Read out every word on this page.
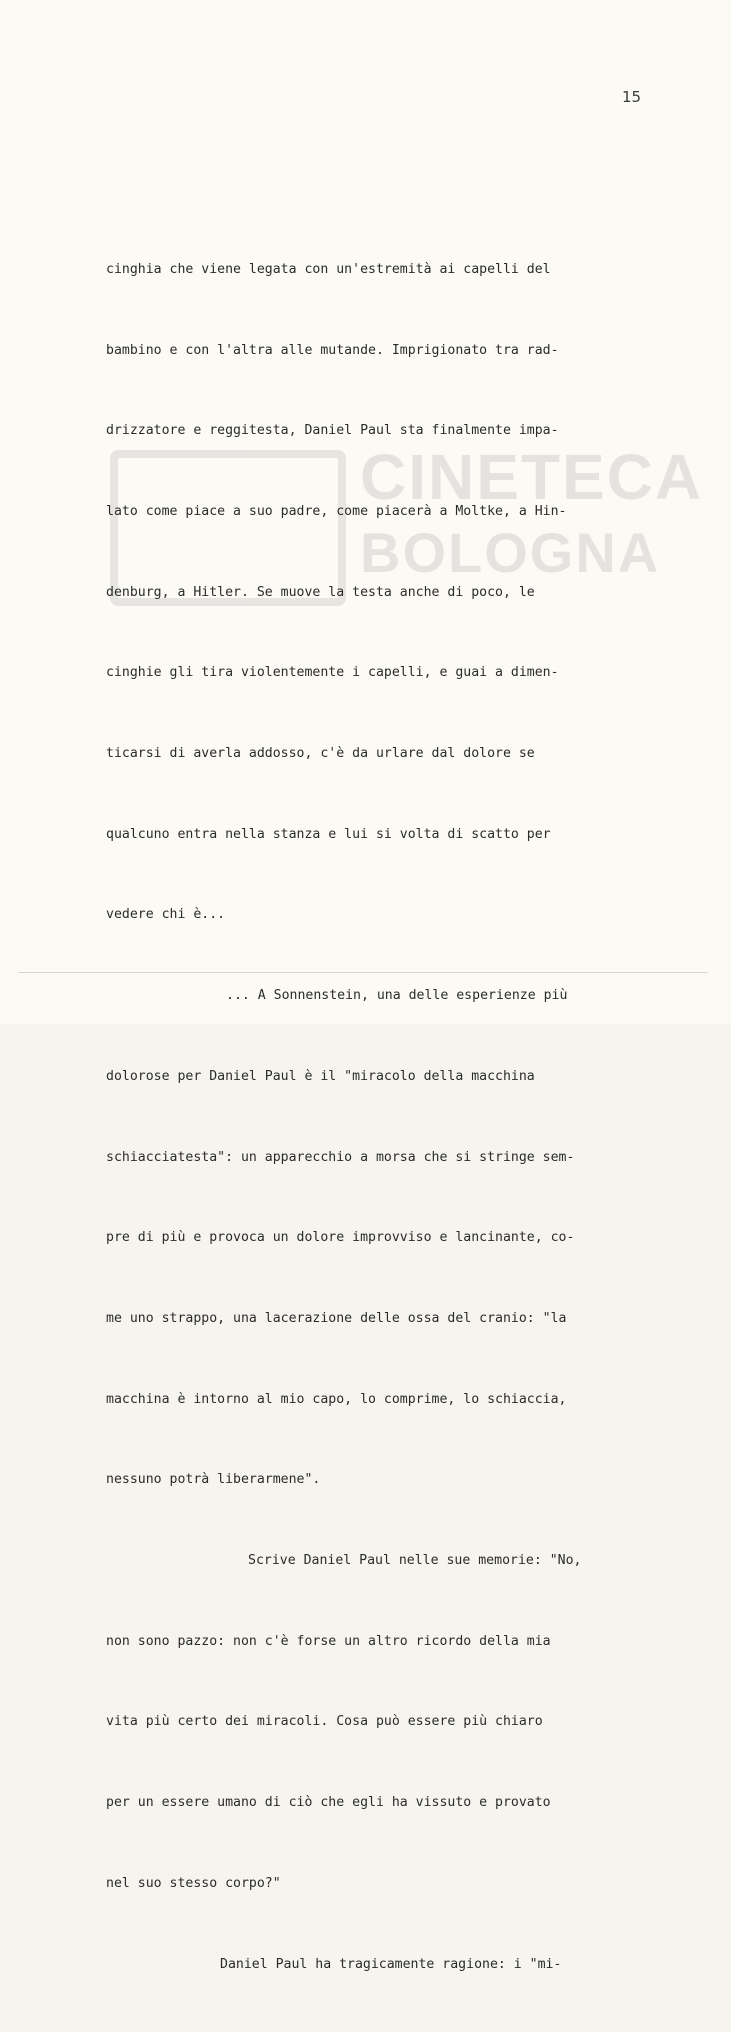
CINETECA
BOLOGNA
15

cinghia che viene legata con un'estremità ai capelli del

bambino e con l'altra alle mutande. Imprigionato tra rad-

drizzatore e reggitesta, Daniel Paul sta finalmente impa-

lato come piace a suo padre, come piacerà a Moltke, a Hin-

denburg, a Hitler. Se muove la testa anche di poco, le

cinghie gli tira violentemente i capelli, e guai a dimen-

ticarsi di averla addosso, c'è da urlare dal dolore se

qualcuno entra nella stanza e lui si volta di scatto per

vedere chi è...

... A Sonnenstein, una delle esperienze più

dolorose per Daniel Paul è il "miracolo della macchina

schiacciatesta": un apparecchio a morsa che si stringe sem-

pre di più e provoca un dolore improvviso e lancinante, co-

me uno strappo, una lacerazione delle ossa del cranio: "la

macchina è intorno al mio capo, lo comprime, lo schiaccia,

nessuno potrà liberarmene".

Scrive Daniel Paul nelle sue memorie: "No,

non sono pazzo: non c'è forse un altro ricordo della mia

vita più certo dei miracoli. Cosa può essere più chiaro

per un essere umano di ciò che egli ha vissuto e provato

nel suo stesso corpo?"

Daniel Paul ha tragicamente ragione: i "mi-
